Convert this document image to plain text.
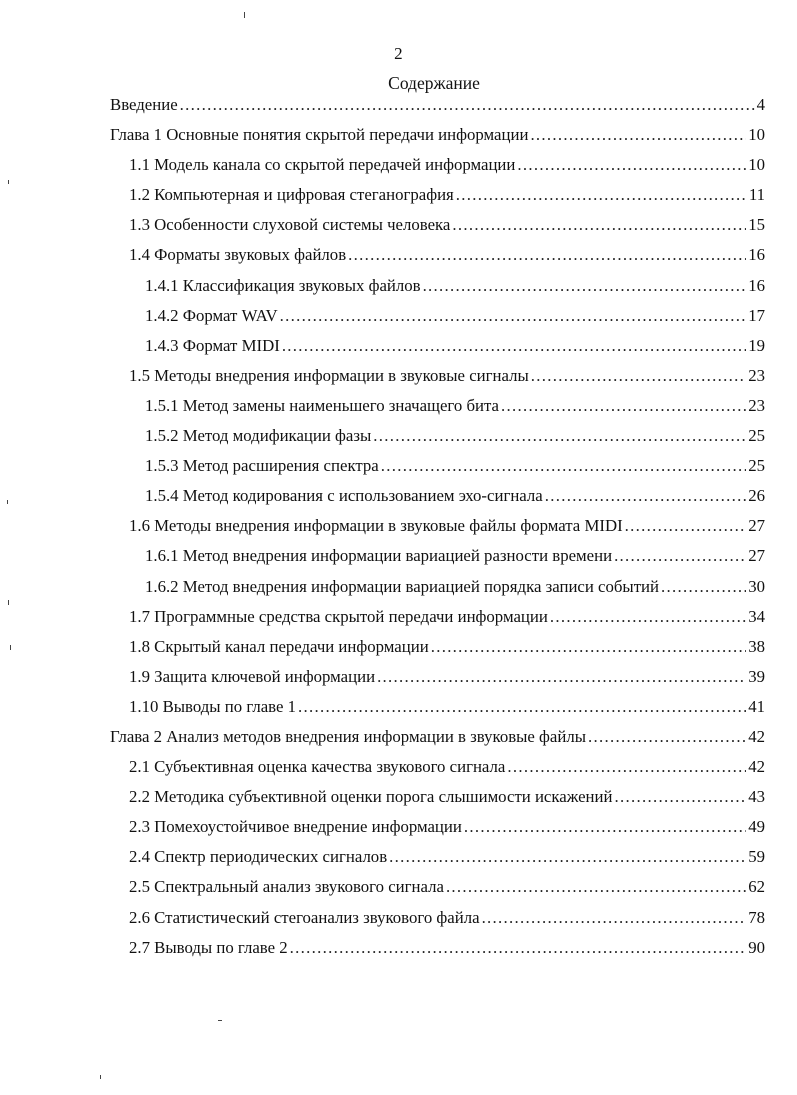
2
Содержание
Введение .....	4
Глава 1 Основные понятия скрытой передачи информации .....	10
1.1 Модель канала со скрытой передачей информации .....	10
1.2 Компьютерная и цифровая стеганография .....	11
1.3 Особенности слуховой системы человека .....	15
1.4 Форматы звуковых файлов .....	16
1.4.1 Классификация звуковых файлов .....	16
1.4.2 Формат WAV .....	17
1.4.3 Формат MIDI .....	19
1.5 Методы внедрения информации в звуковые сигналы .....	23
1.5.1 Метод замены наименьшего значащего бита .....	23
1.5.2 Метод модификации фазы .....	25
1.5.3 Метод расширения спектра .....	25
1.5.4 Метод кодирования с использованием эхо-сигнала .....	26
1.6 Методы внедрения информации в звуковые файлы формата MIDI .....	27
1.6.1 Метод внедрения информации вариацией разности времени .....	27
1.6.2 Метод внедрения информации вариацией порядка записи событий .....	30
1.7 Программные средства скрытой передачи информации .....	34
1.8 Скрытый канал передачи информации .....	38
1.9 Защита ключевой информации .....	39
1.10 Выводы по главе 1 .....	41
Глава 2 Анализ методов внедрения информации в звуковые файлы .....	42
2.1 Субъективная оценка качества звукового сигнала .....	42
2.2 Методика субъективной оценки порога слышимости искажений .....	43
2.3 Помехоустойчивое внедрение информации .....	49
2.4 Спектр периодических сигналов .....	59
2.5 Спектральный анализ звукового сигнала .....	62
2.6 Статистический стегоанализ звукового файла .....	78
2.7 Выводы по главе 2 .....	90
